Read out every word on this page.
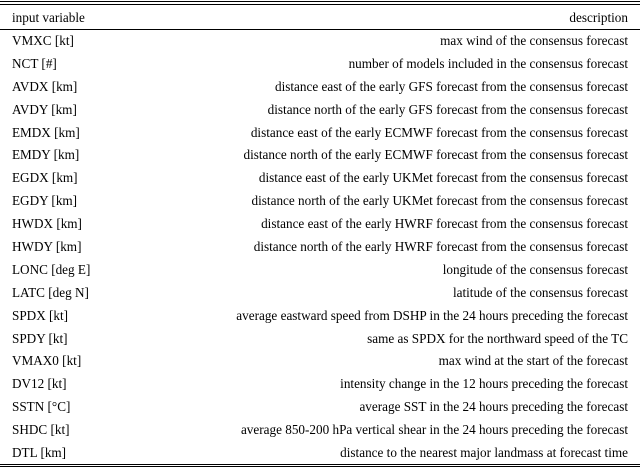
input variable	description
VMXC [kt]	max wind of the consensus forecast
NCT [#]	number of models included in the consensus forecast
AVDX [km]	distance east of the early GFS forecast from the consensus forecast
AVDY [km]	distance north of the early GFS forecast from the consensus forecast
EMDX [km]	distance east of the early ECMWF forecast from the consensus forecast
EMDY [km]	distance north of the early ECMWF forecast from the consensus forecast
EGDX [km]	distance east of the early UKMet forecast from the consensus forecast
EGDY [km]	distance north of the early UKMet forecast from the consensus forecast
HWDX [km]	distance east of the early HWRF forecast from the consensus forecast
HWDY [km]	distance north of the early HWRF forecast from the consensus forecast
LONC [deg E]	longitude of the consensus forecast
LATC [deg N]	latitude of the consensus forecast
SPDX [kt]	average eastward speed from DSHP in the 24 hours preceding the forecast
SPDY [kt]	same as SPDX for the northward speed of the TC
VMAX0 [kt]	max wind at the start of the forecast
DV12 [kt]	intensity change in the 12 hours preceding the forecast
SSTN [°C]	average SST in the 24 hours preceding the forecast
SHDC [kt]	average 850-200 hPa vertical shear in the 24 hours preceding the forecast
DTL [km]	distance to the nearest major landmass at forecast time
